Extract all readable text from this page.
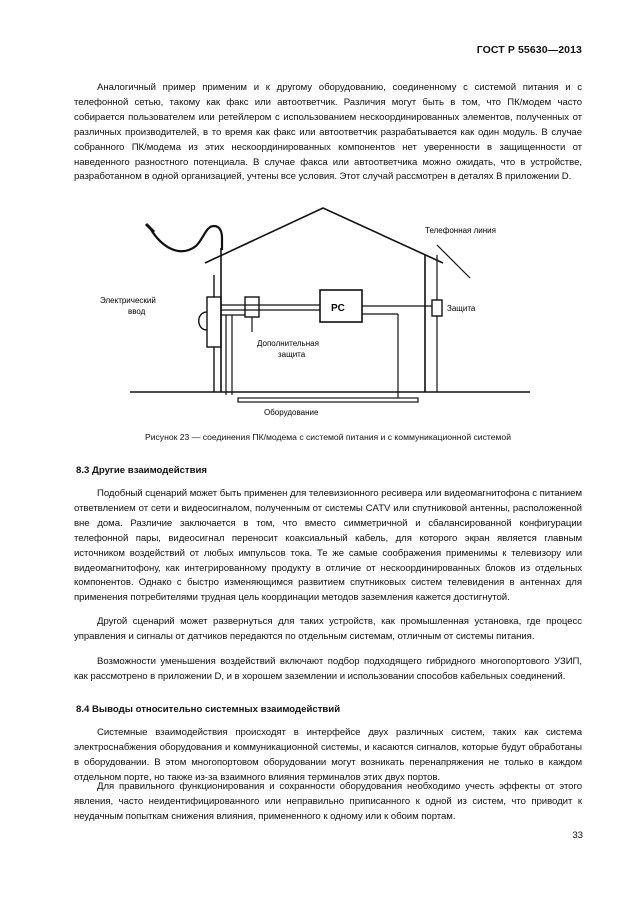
ГОСТ Р 55630—2013

Аналогичный пример применим и к другому оборудованию, соединенному с системой питания и с телефонной сетью, такому как факс или автоответчик. Различия могут быть в том, что ПК/модем часто собирается пользователем или ретейлером с использованием нескоординированных элементов, полученных от различных производителей, в то время как факс или автоответчик разрабатывается как один модуль. В случае собранного ПК/модема из этих нескоординированных компонентов нет уверенности в защищенности от наведенного разностного потенциала. В случае факса или автоответчика можно ожидать, что в устройстве, разработанном в одной организацией, учтены все условия. Этот случай рассмотрен в деталях В приложении D.

Телефонная линия
Электрический
ввод	PC	Защита
Дополнительная
защита
Оборудование
Рисунок 23 — соединения ПК/модема с системой питания и с коммуникационной системой

8.3 Другие взаимодействия

Подобный сценарий может быть применен для телевизионного ресивера или видеомагнитофона с питанием ответвлением от сети и видеосигналом, полученным от системы CATV или спутниковой антенны, расположенной вне дома. Различие заключается в том, что вместо симметричной и сбалансированной конфигурации телефонной пары, видеосигнал переносит коаксиальный кабель, для которого экран является главным источником воздействий от любых импульсов тока. Те же самые соображения применимы к телевизору или видеомагнитофону, как интегрированному продукту в отличие от нескоординированных блоков из отдельных компонентов. Однако с быстро изменяющимся развитием спутниковых систем телевидения в антеннах для применения потребителями трудная цель координации методов заземления кажется достигнутой.

Другой сценарий может развернуться для таких устройств, как промышленная установка, где процесс управления и сигналы от датчиков передаются по отдельным системам, отличным от системы питания.

Возможности уменьшения воздействий включают подбор подходящего гибридного многопортового УЗИП, как рассмотрено в приложении D, и в хорошем заземлении и использовании способов кабельных соединений.

8.4 Выводы относительно системных взаимодействий

Системные взаимодействия происходят в интерфейсе двух различных систем, таких как система электроснабжения оборудования и коммуникационной системы, и касаются сигналов, которые будут обработаны в оборудовании. В этом многопортовом оборудовании могут возникать перенапряжения не только в каждом отдельном порте, но также из-за взаимного влияния терминалов этих двух портов.

Для правильного функционирования и сохранности оборудования необходимо учесть эффекты от этого явления, часто неидентифицированного или неправильно приписанного к одной из систем, что приводит к неудачным попыткам снижения влияния, примененного к одному или к обоим портам.

33
